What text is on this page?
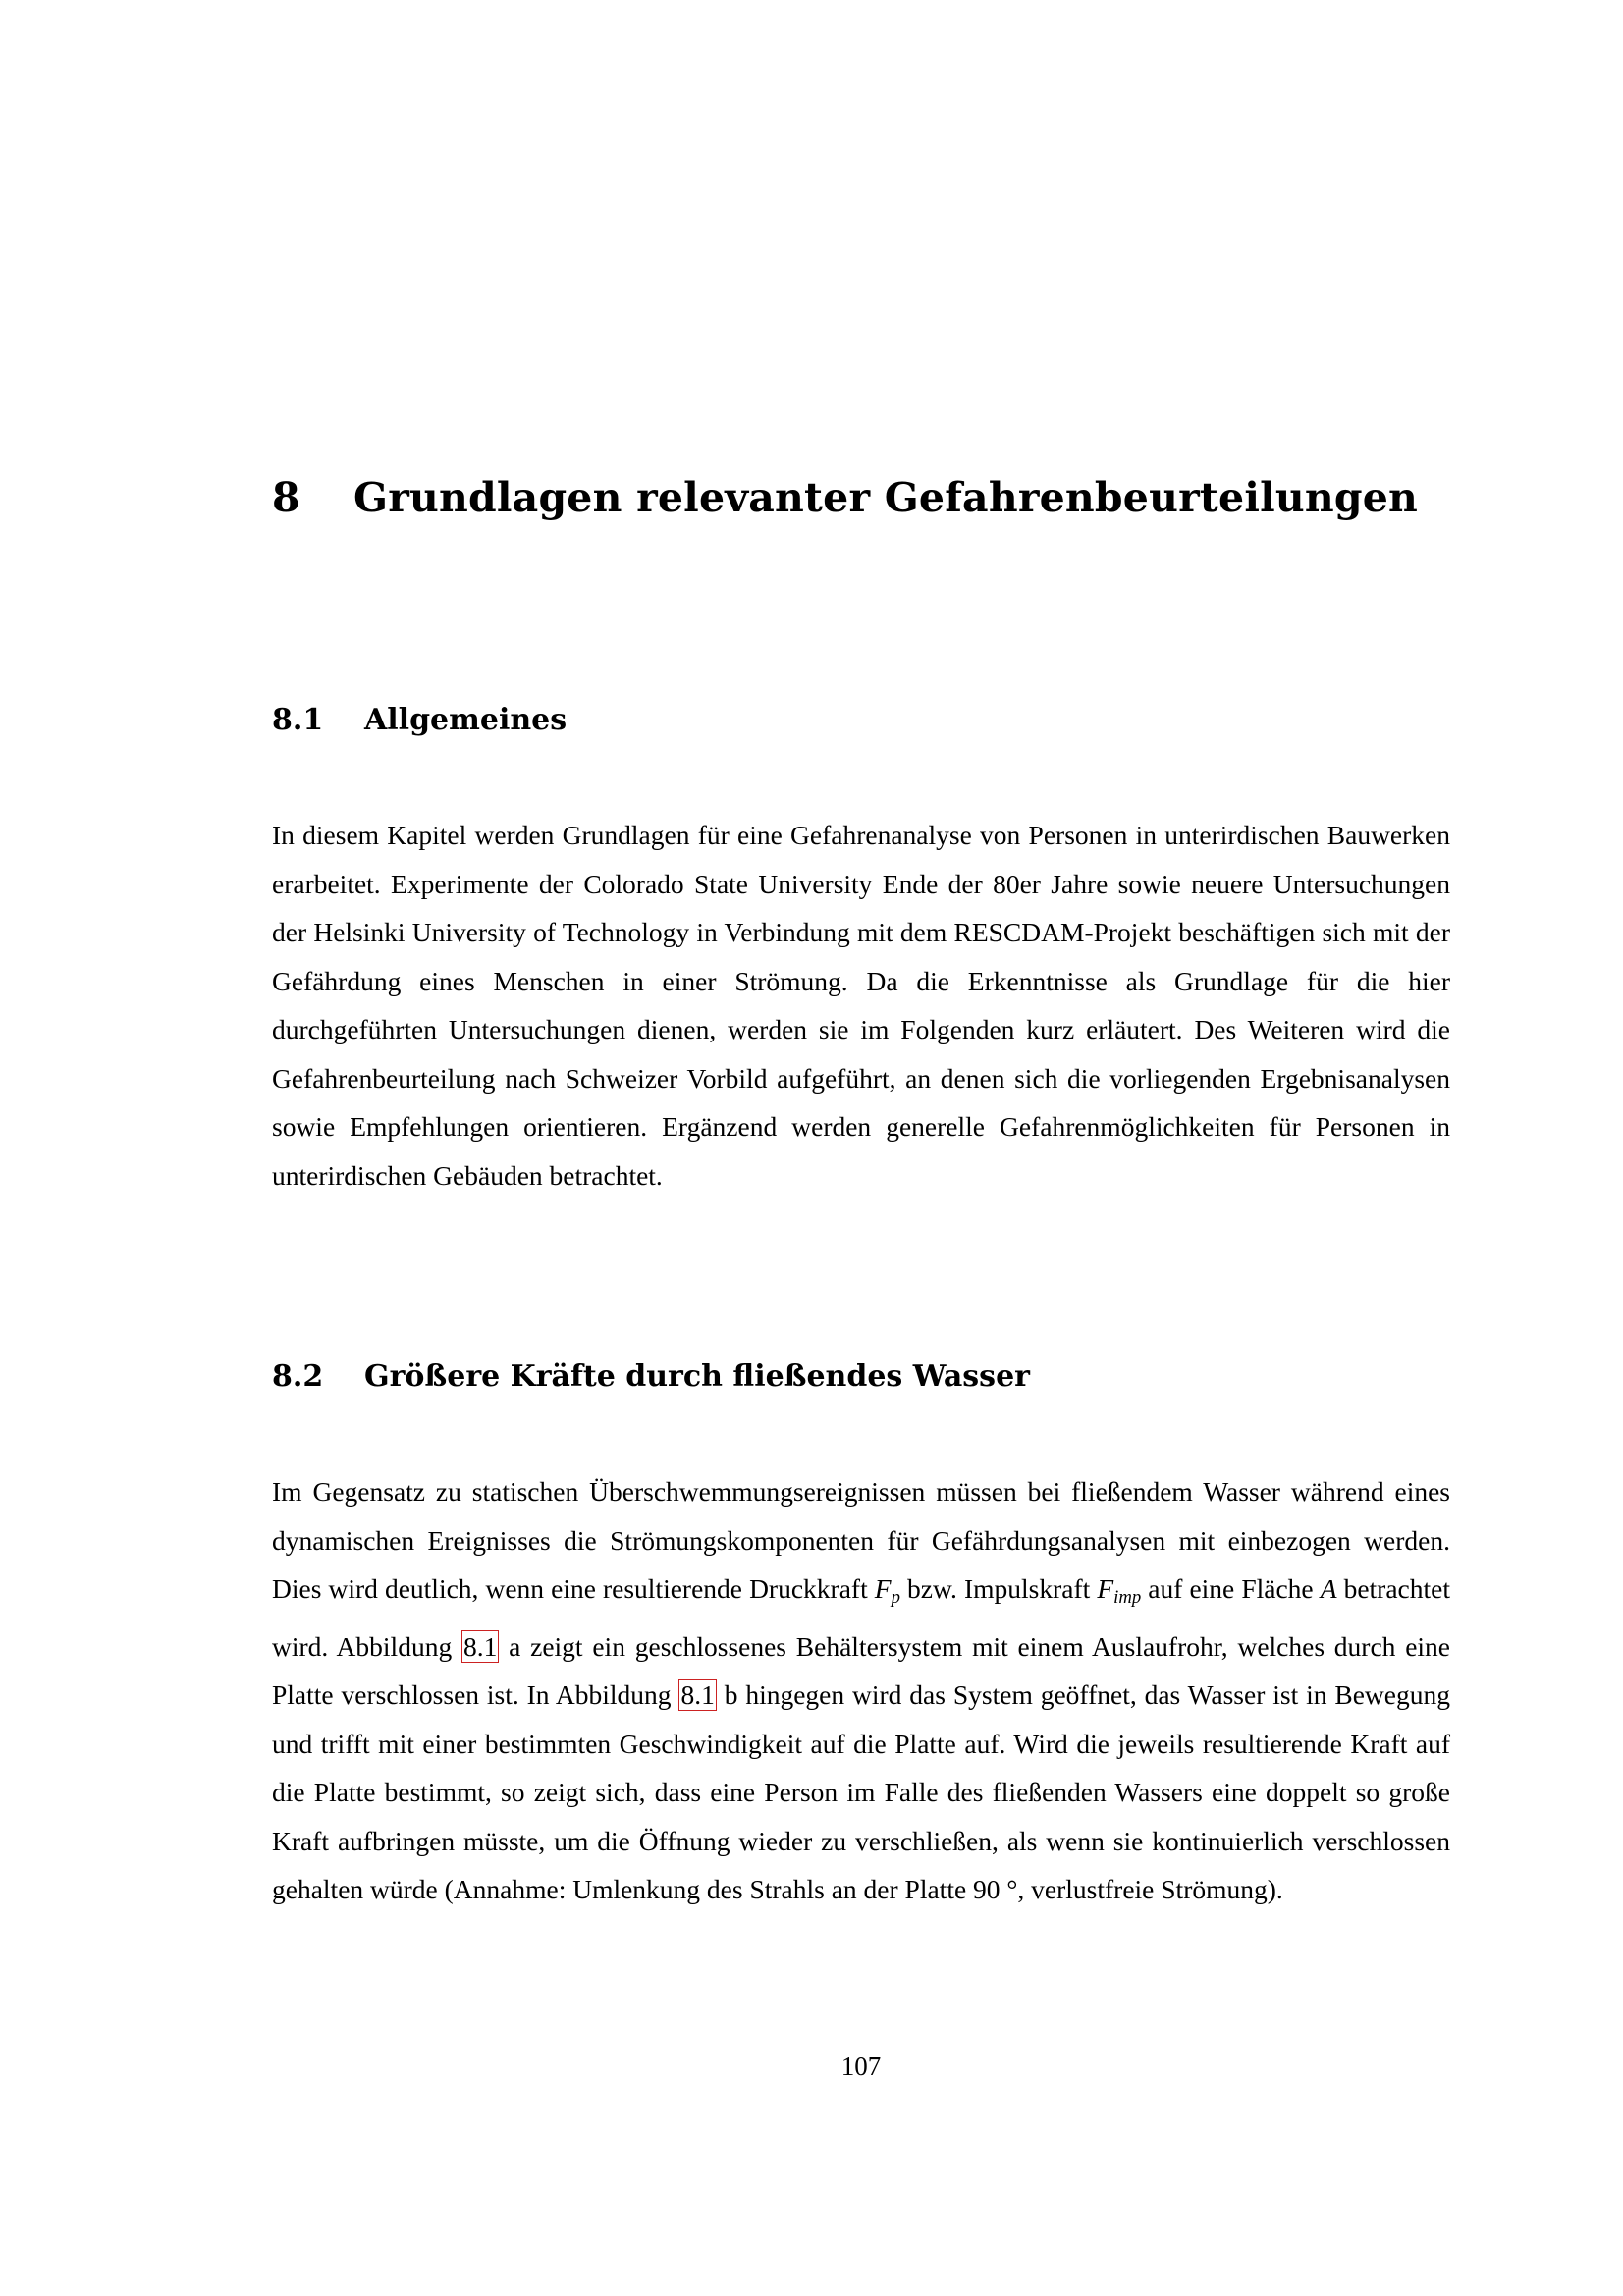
8 Grundlagen relevanter Gefahrenbeurteilungen
8.1 Allgemeines

In diesem Kapitel werden Grundlagen für eine Gefahrenanalyse von Personen in unterirdischen Bauwerken erarbeitet. Experimente der Colorado State University Ende der 80er Jahre sowie neuere Untersuchungen der Helsinki University of Technology in Verbindung mit dem RESCDAM-Projekt beschäftigen sich mit der Gefährdung eines Menschen in einer Strömung. Da die Erkenntnisse als Grundlage für die hier durchgeführten Untersuchungen dienen, werden sie im Folgenden kurz erläutert. Des Weiteren wird die Gefahrenbeurteilung nach Schweizer Vorbild aufgeführt, an denen sich die vorliegenden Ergebnisanalysen sowie Empfehlungen orientieren. Ergänzend werden generelle Gefahrenmöglichkeiten für Personen in unterirdischen Gebäuden betrachtet.

8.2 Größere Kräfte durch fließendes Wasser

Im Gegensatz zu statischen Überschwemmungsereignissen müssen bei fließendem Wasser während eines dynamischen Ereignisses die Strömungskomponenten für Gefährdungsanalysen mit einbezogen werden. Dies wird deutlich, wenn eine resultierende Druckkraft $F_p$ bzw. Impulskraft $F_{imp}$ auf eine Fläche A betrachtet wird. Abbildung 8.1 a zeigt ein geschlossenes Behältersystem mit einem Auslaufrohr, welches durch eine Platte verschlossen ist. In Abbildung 8.1 b hingegen wird das System geöffnet, das Wasser ist in Bewegung und trifft mit einer bestimmten Geschwindigkeit auf die Platte auf. Wird die jeweils resultierende Kraft auf die Platte bestimmt, so zeigt sich, dass eine Person im Falle des fließenden Wassers eine doppelt so große Kraft aufbringen müsste, um die Öffnung wieder zu verschließen, als wenn sie kontinuierlich verschlossen gehalten würde (Annahme: Umlenkung des Strahls an der Platte 90 °, verlustfreie Strömung).

107
